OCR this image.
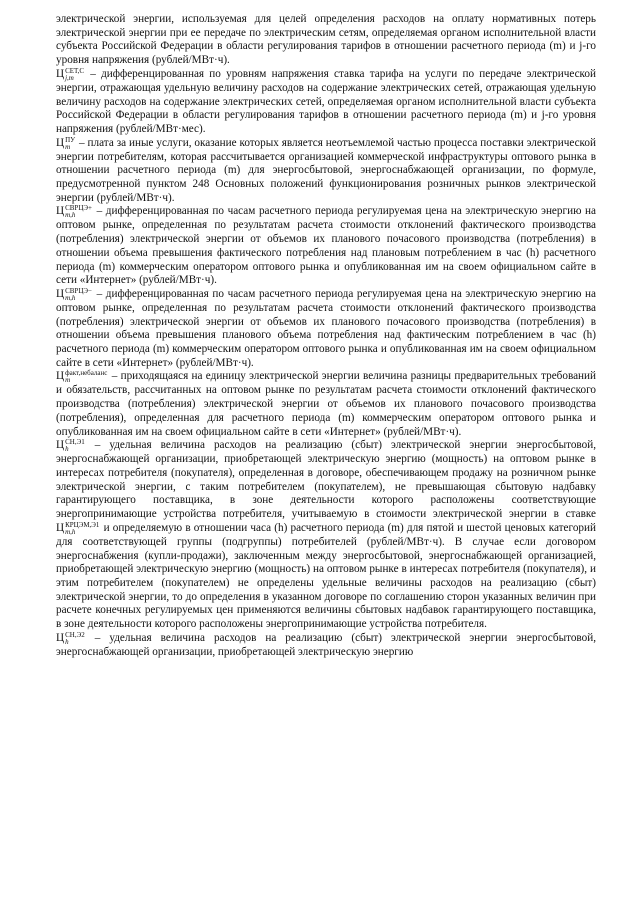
электрической энергии, используемая для целей определения расходов на оплату нормативных потерь электрической энергии при ее передаче по электрическим сетям, определяемая органом исполнительной власти субъекта Российской Федерации в области регулирования тарифов в отношении расчетного периода (m) и j-го уровня напряжения (рублей/МВт·ч).

Ц СЕТ,С
j,m	– дифференцированная по уровням напряжения ставка тарифа на услуги по передаче электрической энергии, отражающая удельную величину расходов на содержание электрических сетей, отражающая удельную величину расходов на содержание электрических сетей, определяемая органом исполнительной власти субъекта Российской Федерации в области регулирования тарифов в отношении расчетного периода (m) и j-го уровня напряжения (рублей/МВт·мес).

Ц ПУ
m – плата за иные услуги, оказание которых является неотъемлемой частью процесса поставки электрической энергии потребителям, которая рассчитывается организацией коммерческой инфраструктуры оптового рынка в отношении расчетного периода (m) для энергосбытовой, энергоснабжающей организации, по формуле, предусмотренной пунктом 248 Основных положений функционирования розничных рынков электрической энергии (рублей/МВт·ч).

Ц СВРЦЭ+
m,h	– дифференцированная по часам расчетного периода регулируемая цена на электрическую энергию на оптовом рынке, определенная по результатам расчета стоимости отклонений фактического производства (потребления) электрической энергии от объемов их планового почасового производства (потребления) в отношении объема превышения фактического потребления над плановым потреблением в час (h) расчетного периода (m) коммерческим оператором оптового рынка и опубликованная им на своем официальном сайте в сети «Интернет» (рублей/МВт·ч).

Ц СВРЦЭ−
m,h	– дифференцированная по часам расчетного периода регулируемая цена на электрическую энергию на оптовом рынке, определенная по результатам расчета стоимости отклонений фактического производства (потребления) электрической энергии от объемов их планового почасового производства (потребления) в отношении объема превышения планового объема потребления над фактическим потреблением в час (h) расчетного периода (m) коммерческим оператором оптового рынка и опубликованная им на своем официальном сайте в сети «Интернет» (рублей/МВт·ч).

Ц факт,небаланс
m	– приходящаяся на единицу электрической энергии величина разницы предварительных требований и обязательств, рассчитанных на оптовом рынке по результатам расчета стоимости отклонений фактического производства (потребления) электрической энергии от объемов их планового почасового производства (потребления), определенная для расчетного периода (m) коммерческим оператором оптового рынка и опубликованная им на своем официальном сайте в сети «Интернет» (рублей/МВт·ч).

Ц СН,Э1
h	– удельная величина расходов на реализацию (сбыт) электрической энергии энергосбытовой, энергоснабжающей организации, приобретающей электрическую энергию (мощность) на оптовом рынке в интересах потребителя (покупателя), определенная в договоре, обеспечивающем продажу на розничном рынке электрической энергии, с таким потребителем (покупателем), не превышающая сбытовую надбавку гарантирующего поставщика, в зоне деятельности которого расположены соответствующие энергопринимающие устройства потребителя, учитываемую в стоимости электрической энергии в ставке Ц КРЦЭМ,Э1
m,h	и определяемую в отношении часа (h) расчетного периода (m) для пятой и шестой ценовых категорий для соответствующей группы (подгруппы) потребителей (рублей/МВт·ч). В случае если договором энергоснабжения (купли-продажи), заключенным между энергосбытовой, энергоснабжающей организацией, приобретающей электрическую энергию (мощность) на оптовом рынке в интересах потребителя (покупателя), и этим потребителем (покупателем) не определены удельные величины расходов на реализацию (сбыт) электрической энергии, то до определения в указанном договоре по соглашению сторон указанных величин при расчете конечных регулируемых цен применяются величины сбытовых надбавок гарантирующего поставщика, в зоне деятельности которого расположены энергопринимающие устройства потребителя.

Ц СН,Э2
h	– удельная величина расходов на реализацию (сбыт) электрической энергии энергосбытовой, энергоснабжающей организации, приобретающей электрическую энергию
